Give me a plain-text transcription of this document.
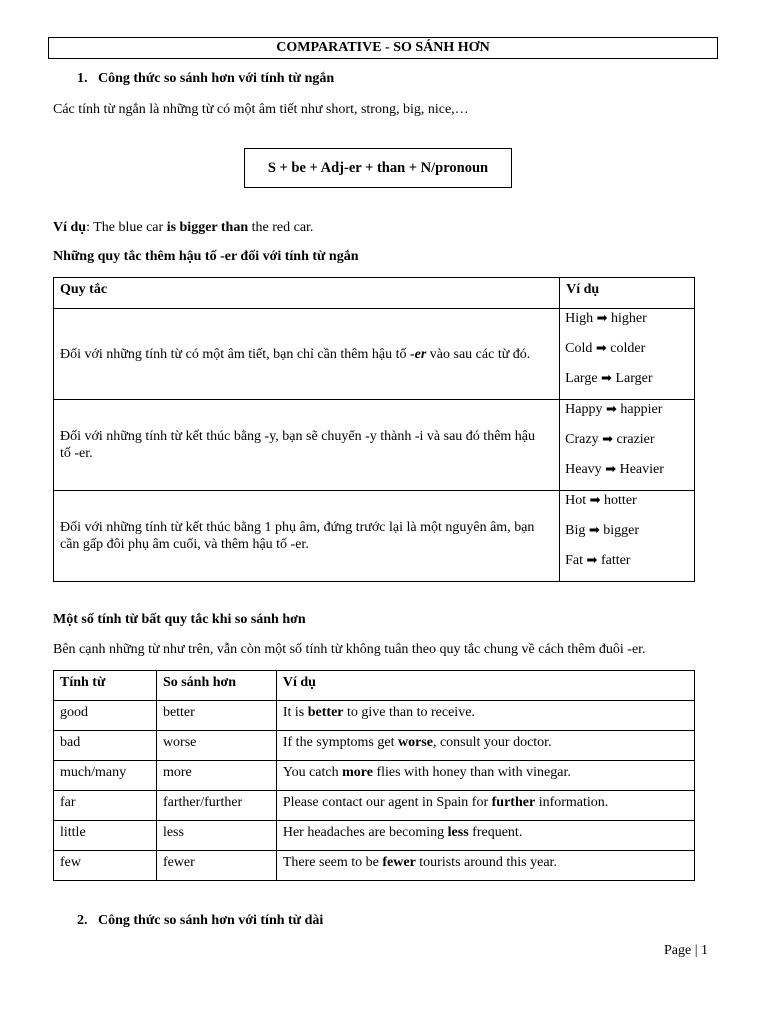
COMPARATIVE - SO SÁNH HƠN
1. Công thức so sánh hơn với tính từ ngắn
Các tính từ ngắn là những từ có một âm tiết như short, strong, big, nice,…
S + be + Adj-er + than + N/pronoun
Ví dụ: The blue car is bigger than the red car.
Những quy tắc thêm hậu tố -er đối với tính từ ngắn
Quy tắc	Ví dụ
Đối với những tính từ có một âm tiết, bạn chỉ cần thêm hậu tố -er vào sau các từ đó.	High ➡ higher
Cold ➡ colder
Large ➡ Larger

Đối với những tính từ kết thúc bằng -y, bạn sẽ chuyển -y thành -i và sau đó thêm hậu tố -er.	Happy ➡ happier
Crazy ➡ crazier
Heavy ➡ Heavier

Đối với những tính từ kết thúc bằng 1 phụ âm, đứng trước lại là một nguyên âm, bạn cần gấp đôi phụ âm cuối, và thêm hậu tố -er.	Hot ➡ hotter
Big ➡ bigger
Fat ➡ fatter
Một số tính từ bất quy tắc khi so sánh hơn
Bên cạnh những từ như trên, vẫn còn một số tính từ không tuân theo quy tắc chung về cách thêm đuôi -er.
Tính từ	So sánh hơn	Ví dụ
good	better	It is better to give than to receive.
bad	worse	If the symptoms get worse, consult your doctor.
much/many	more	You catch more flies with honey than with vinegar.
far	farther/further	Please contact our agent in Spain for further information.
little	less	Her headaches are becoming less frequent.
few	fewer	There seem to be fewer tourists around this year.
2. Công thức so sánh hơn với tính từ dài
Page | 1
